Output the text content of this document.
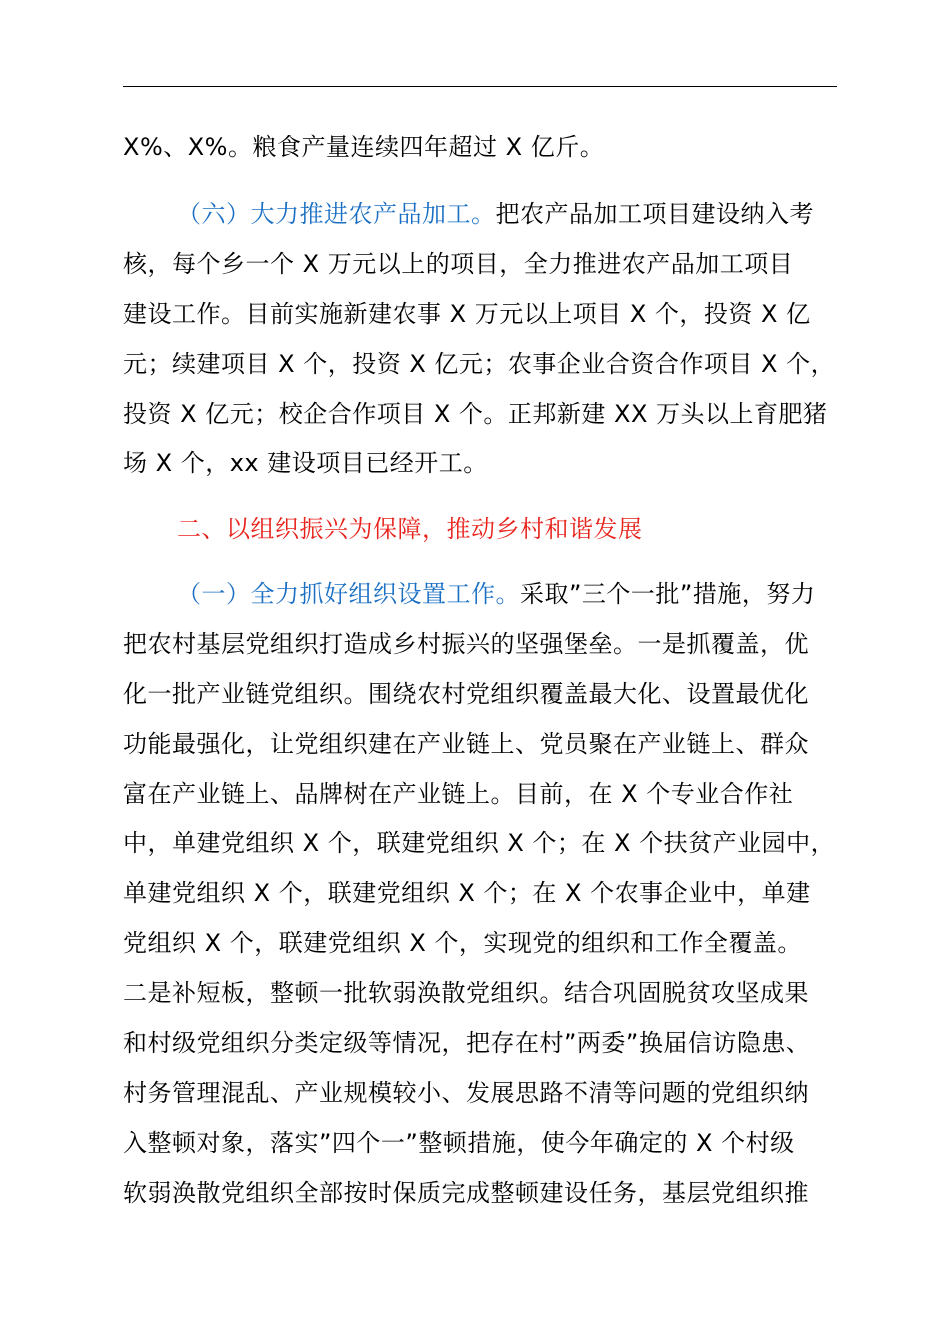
X%、X%。粮食产量连续四年超过 X 亿斤。
（六）大力推进农产品加工。把农产品加工项目建设纳入考
核，每个乡一个 X 万元以上的项目，全力推进农产品加工项目
建设工作。目前实施新建农事 X 万元以上项目 X 个，投资 X 亿
元；续建项目 X 个，投资 X 亿元；农事企业合资合作项目 X 个，
投资 X 亿元；校企合作项目 X 个。正邦新建 XX 万头以上育肥猪
场 X 个，xx 建设项目已经开工。
二、以组织振兴为保障，推动乡村和谐发展
（一）全力抓好组织设置工作。采取”三个一批”措施，努力
把农村基层党组织打造成乡村振兴的坚强堡垒。一是抓覆盖，优
化一批产业链党组织。围绕农村党组织覆盖最大化、设置最优化
功能最强化，让党组织建在产业链上、党员聚在产业链上、群众
富在产业链上、品牌树在产业链上。目前，在 X 个专业合作社
中，单建党组织 X 个，联建党组织 X 个；在 X 个扶贫产业园中，
单建党组织 X 个，联建党组织 X 个；在 X 个农事企业中，单建
党组织 X 个，联建党组织 X 个，实现党的组织和工作全覆盖。
二是补短板，整顿一批软弱涣散党组织。结合巩固脱贫攻坚成果
和村级党组织分类定级等情况，把存在村”两委”换届信访隐患、
村务管理混乱、产业规模较小、发展思路不清等问题的党组织纳
入整顿对象，落实”四个一”整顿措施，使今年确定的 X 个村级
软弱涣散党组织全部按时保质完成整顿建设任务，基层党组织推
